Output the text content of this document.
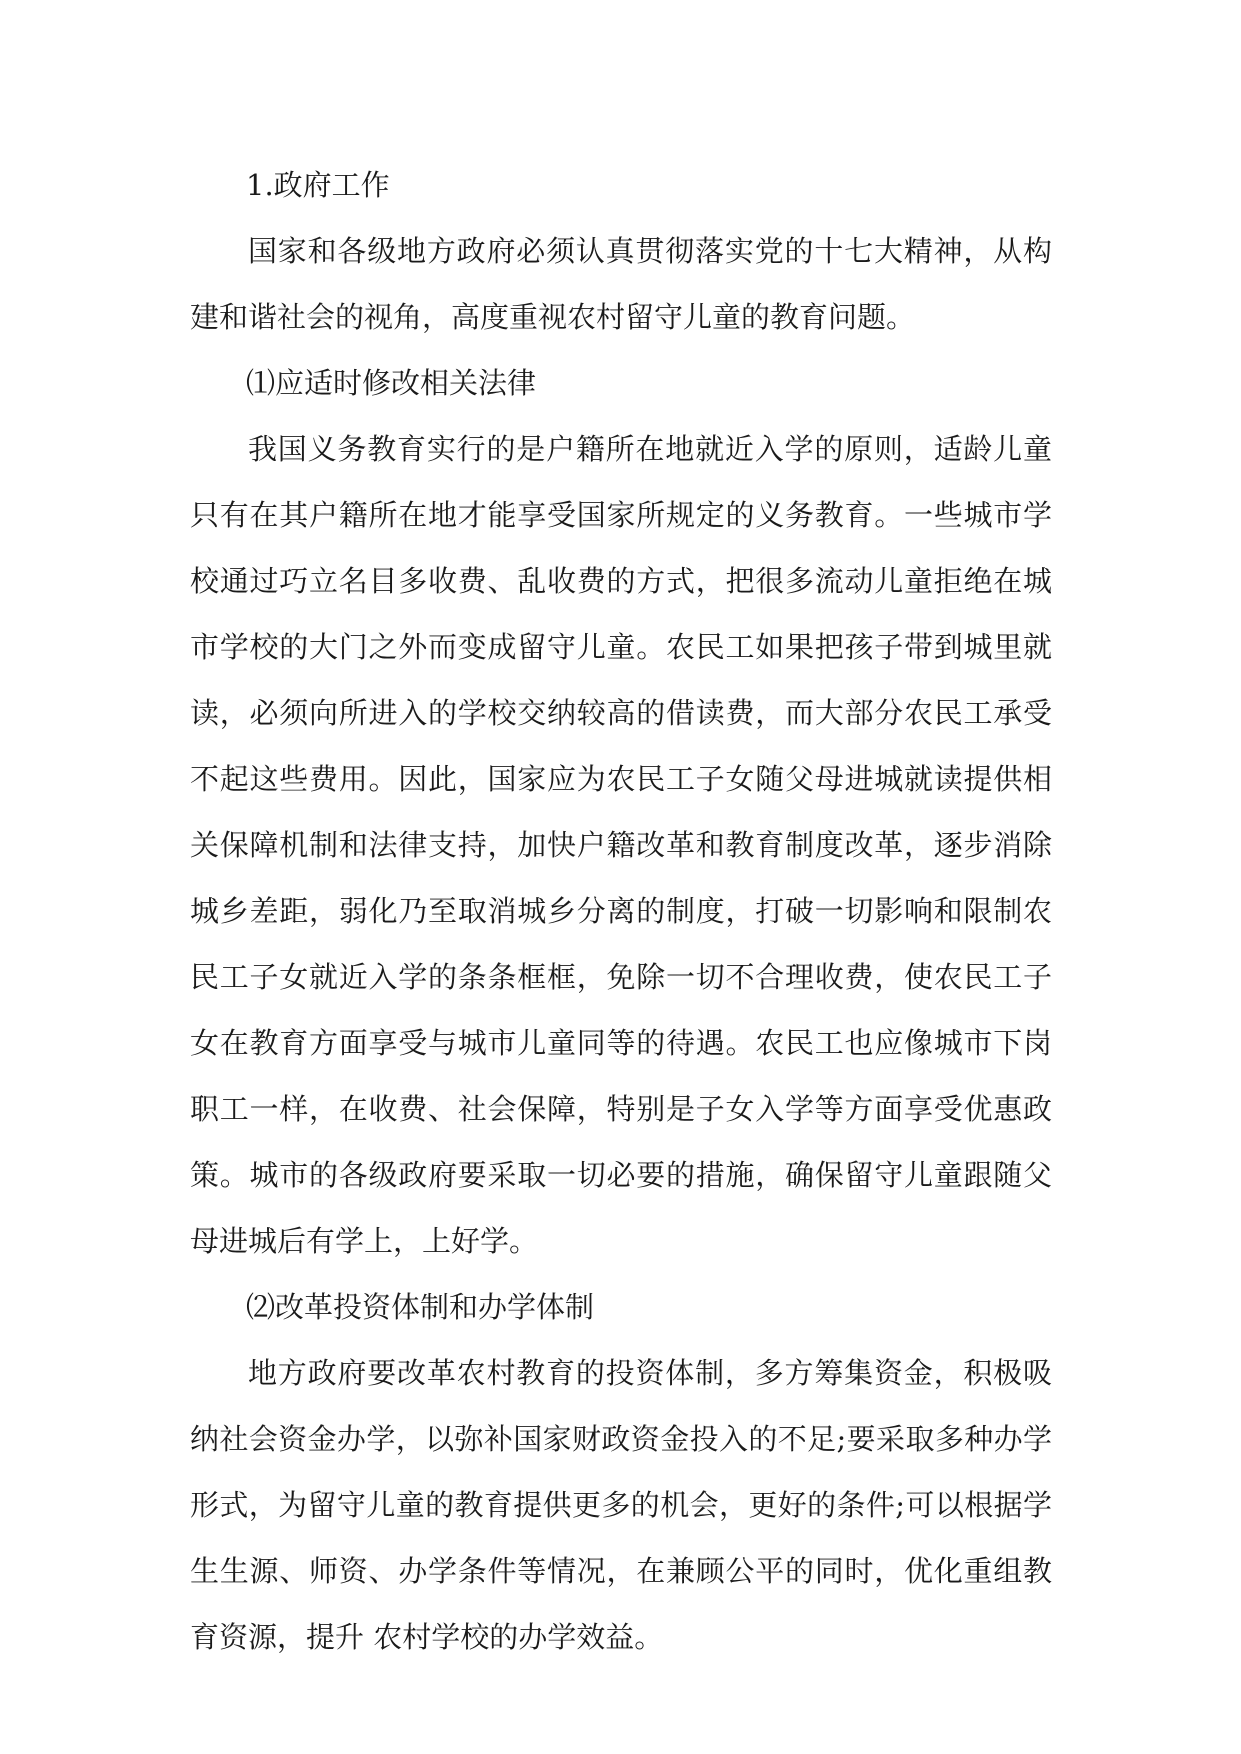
1.政府工作

国家和各级地方政府必须认真贯彻落实党的十七大精神，从构建和谐社会的视角，高度重视农村留守儿童的教育问题。

⑴应适时修改相关法律

我国义务教育实行的是户籍所在地就近入学的原则，适龄儿童只有在其户籍所在地才能享受国家所规定的义务教育。一些城市学校通过巧立名目多收费、乱收费的方式，把很多流动儿童拒绝在城市学校的大门之外而变成留守儿童。农民工如果把孩子带到城里就读，必须向所进入的学校交纳较高的借读费，而大部分农民工承受不起这些费用。因此，国家应为农民工子女随父母进城就读提供相关保障机制和法律支持，加快户籍改革和教育制度改革，逐步消除城乡差距，弱化乃至取消城乡分离的制度，打破一切影响和限制农民工子女就近入学的条条框框，免除一切不合理收费，使农民工子女在教育方面享受与城市儿童同等的待遇。农民工也应像城市下岗职工一样，在收费、社会保障，特别是子女入学等方面享受优惠政策。城市的各级政府要采取一切必要的措施，确保留守儿童跟随父母进城后有学上，上好学。

⑵改革投资体制和办学体制

地方政府要改革农村教育的投资体制，多方筹集资金，积极吸纳社会资金办学，以弥补国家财政资金投入的不足;要采取多种办学形式，为留守儿童的教育提供更多的机会，更好的条件;可以根据学生生源、师资、办学条件等情况，在兼顾公平的同时，优化重组教育资源，提升 农村学校的办学效益。
